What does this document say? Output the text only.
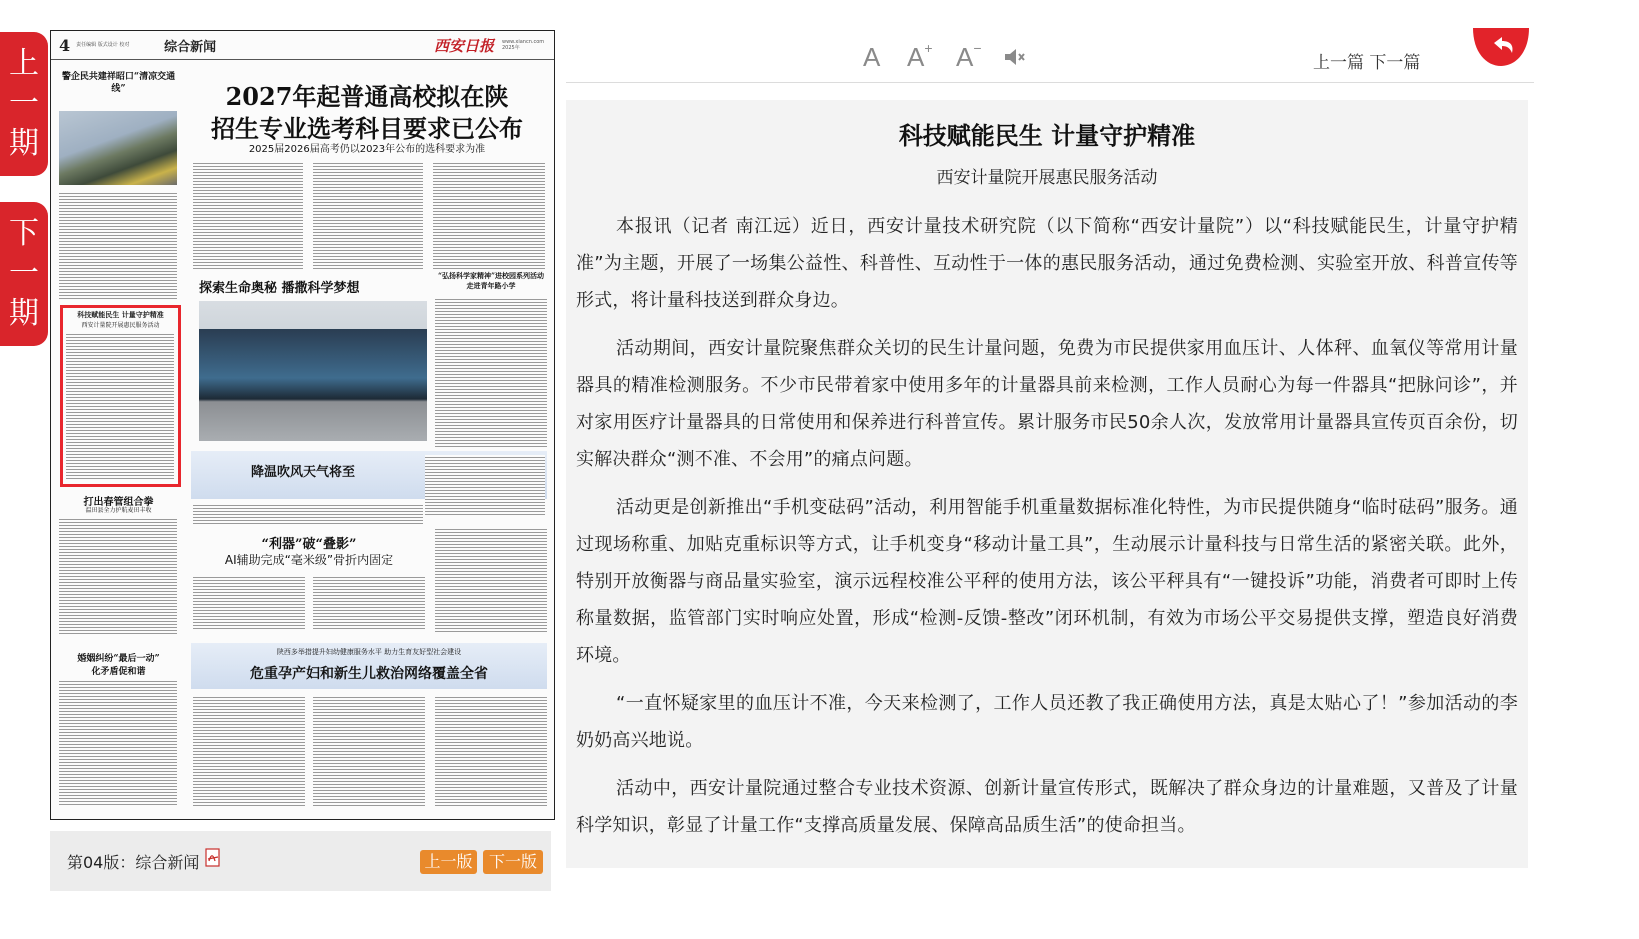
上
一
期
下
一
期
4 责任编辑 版式设计 校对	综合新闻	西安日报 www.xiancn.com 2025年
警企民共建祥昭口“清凉交通线”	2027年起普通高校拟在陕
招生专业选考科目要求已公布
2025届2026届高考仍以2023年公布的选科要求为准
探索生命奥秘 播撒科学梦想
“弘扬科学家精神”进校园系列活动走进青年路小学
科技赋能民生 计量守护精准
西安计量院开展惠民服务活动
降温吹风天气将至
打出春管组合拳
温田县全力护航麦田丰收
“利器”破“叠影”
AI辅助完成“毫米级”骨折内固定
婚姻纠纷“最后一动”
化矛盾促和谐
陕西多举措提升妇幼健康服务水平 助力生育友好型社会建设
危重孕产妇和新生儿救治网络覆盖全省
第04版：综合新闻	上一版	下一版
A A+ A−
上一篇 下一篇
科技赋能民生 计量守护精准
西安计量院开展惠民服务活动

本报讯（记者 南江远）近日，西安计量技术研究院（以下简称“西安计量院”）以“科技赋能民生，计量守护精准”为主题，开展了一场集公益性、科普性、互动性于一体的惠民服务活动，通过免费检测、实验室开放、科普宣传等形式，将计量科技送到群众身边。

活动期间，西安计量院聚焦群众关切的民生计量问题，免费为市民提供家用血压计、人体秤、血氧仪等常用计量器具的精准检测服务。不少市民带着家中使用多年的计量器具前来检测，工作人员耐心为每一件器具“把脉问诊”，并对家用医疗计量器具的日常使用和保养进行科普宣传。累计服务市民50余人次，发放常用计量器具宣传页百余份，切实解决群众“测不准、不会用”的痛点问题。

活动更是创新推出“手机变砝码”活动，利用智能手机重量数据标准化特性，为市民提供随身“临时砝码”服务。通过现场称重、加贴克重标识等方式，让手机变身“移动计量工具”，生动展示计量科技与日常生活的紧密关联。此外，特别开放衡器与商品量实验室，演示远程校准公平秤的使用方法，该公平秤具有“一键投诉”功能，消费者可即时上传称量数据，监管部门实时响应处置，形成“检测-反馈-整改”闭环机制，有效为市场公平交易提供支撑，塑造良好消费环境。

“一直怀疑家里的血压计不准，今天来检测了，工作人员还教了我正确使用方法，真是太贴心了！”参加活动的李奶奶高兴地说。

活动中，西安计量院通过整合专业技术资源、创新计量宣传形式，既解决了群众身边的计量难题，又普及了计量科学知识，彰显了计量工作“支撑高质量发展、保障高品质生活”的使命担当。
